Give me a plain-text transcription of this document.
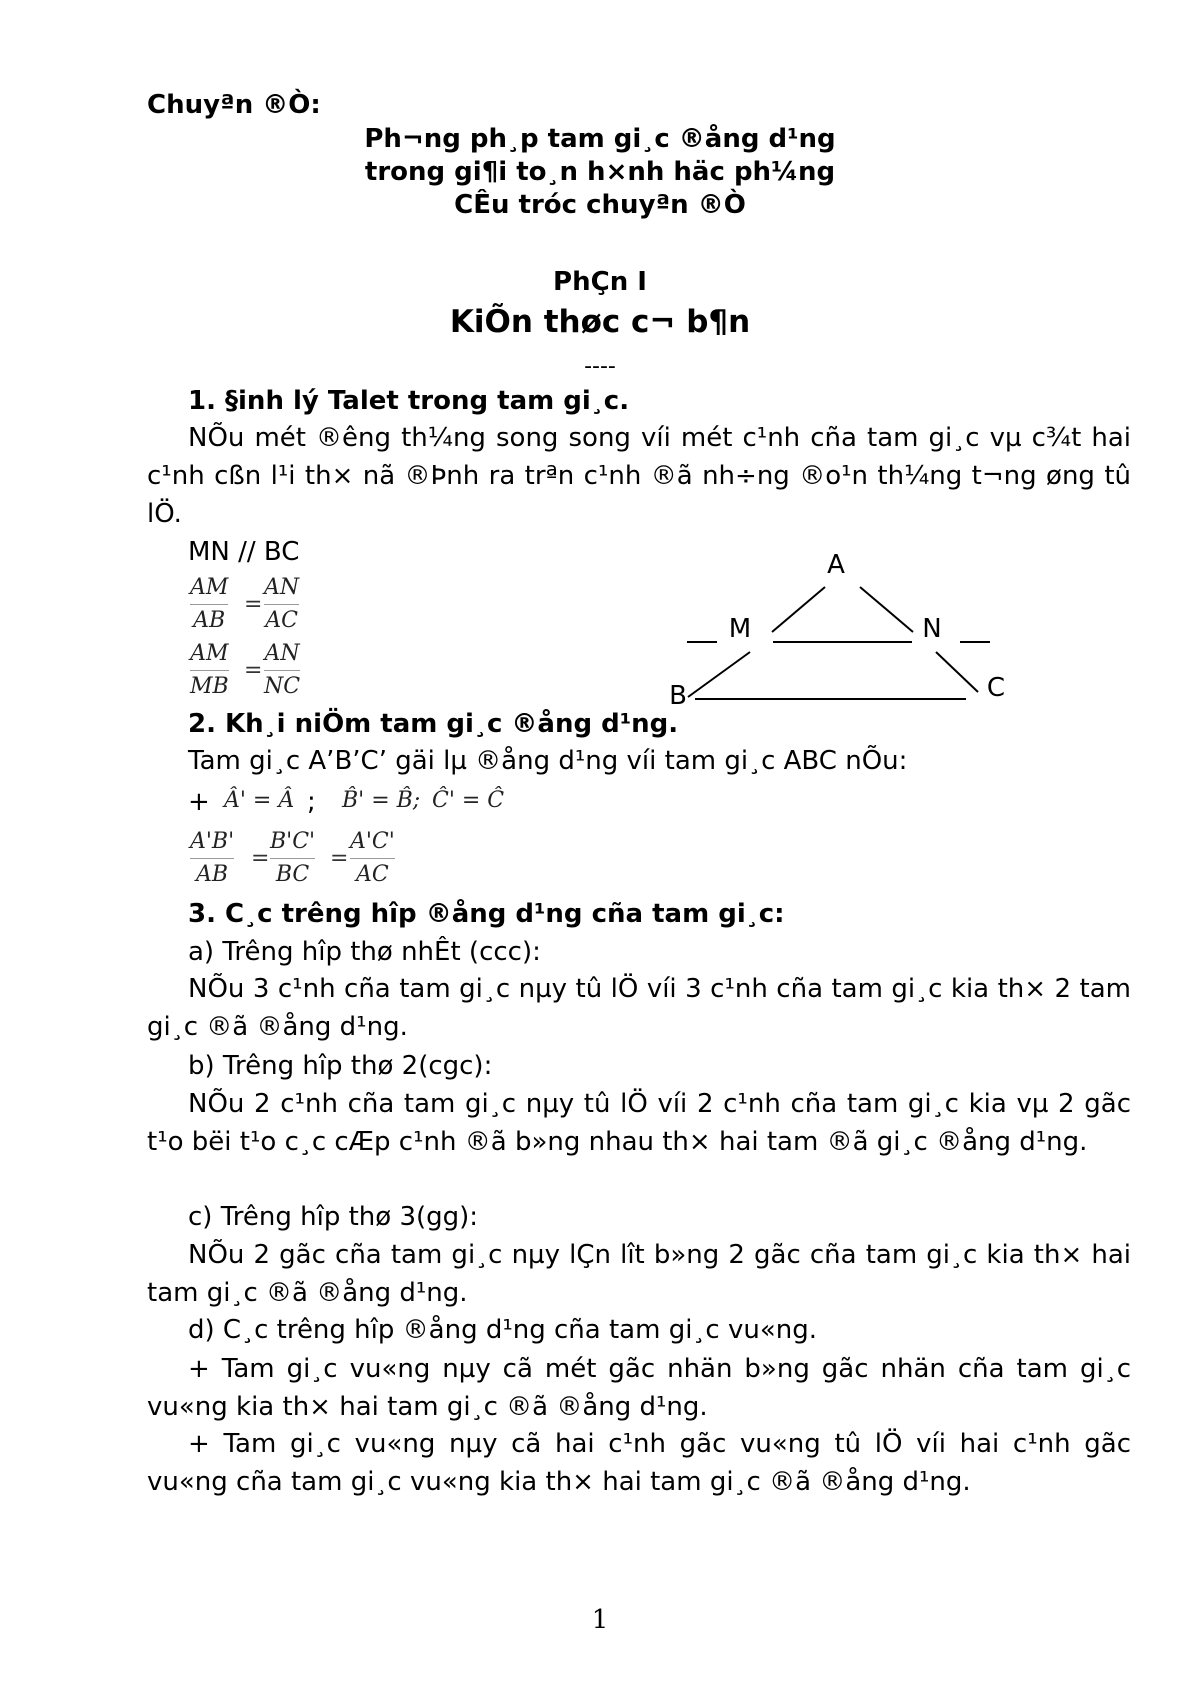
Chuyªn ®Ò:
Ph¬ng ph¸p tam gi¸c ®ång d¹ng
trong gi¶i to¸n h×nh häc ph¼ng
CÊu tróc chuyªn ®Ò
PhÇn I
KiÕn thøc c¬ b¶n
----
1. §inh lý Talet trong tam gi¸c.
NÕu mét ®êng th¼ng song song víi mét c¹nh cña tam gi¸c vµ c¾t hai c¹nh cßn l¹i th× nã ®Þnh ra trªn c¹nh ®ã nh÷ng ®o¹n th¼ng t¬ng øng tû lÖ.
MN // BC
AM
AB
=
AN
AC
AM
MB
=
AN
NC
A
M	N
B	C
2. Kh¸i niÖm tam gi¸c ®ång d¹ng.
Tam gi¸c A’B’C’ gäi lµ ®ång d¹ng víi tam gi¸c ABC nÕu:
+ Â' = Â ; B̂' = B̂; Ĉ' = Ĉ
A'B'
AB
=
B'C'
BC
=
A'C'
AC
3. C¸c trêng hîp ®ång d¹ng cña tam gi¸c:
a) Trêng hîp thø nhÊt (ccc):
NÕu 3 c¹nh cña tam gi¸c nµy tû lÖ víi 3 c¹nh cña tam gi¸c kia th× 2 tam gi¸c ®ã ®ång d¹ng.
b) Trêng hîp thø 2(cgc):
NÕu 2 c¹nh cña tam gi¸c nµy tû lÖ víi 2 c¹nh cña tam gi¸c kia vµ 2 gãc t¹o bëi t¹o c¸c cÆp c¹nh ®ã b»ng nhau th× hai tam ®ã gi¸c ®ång d¹ng.
c) Trêng hîp thø 3(gg):
NÕu 2 gãc cña tam gi¸c nµy lÇn lît b»ng 2 gãc cña tam gi¸c kia th× hai tam gi¸c ®ã ®ång d¹ng.
d) C¸c trêng hîp ®ång d¹ng cña tam gi¸c vu«ng.
+ Tam gi¸c vu«ng nµy cã mét gãc nhän b»ng gãc nhän cña tam gi¸c vu«ng kia th× hai tam gi¸c ®ã ®ång d¹ng.
+ Tam gi¸c vu«ng nµy cã hai c¹nh gãc vu«ng tû lÖ víi hai c¹nh gãc vu«ng cña tam gi¸c vu«ng kia th× hai tam gi¸c ®ã ®ång d¹ng.
1
